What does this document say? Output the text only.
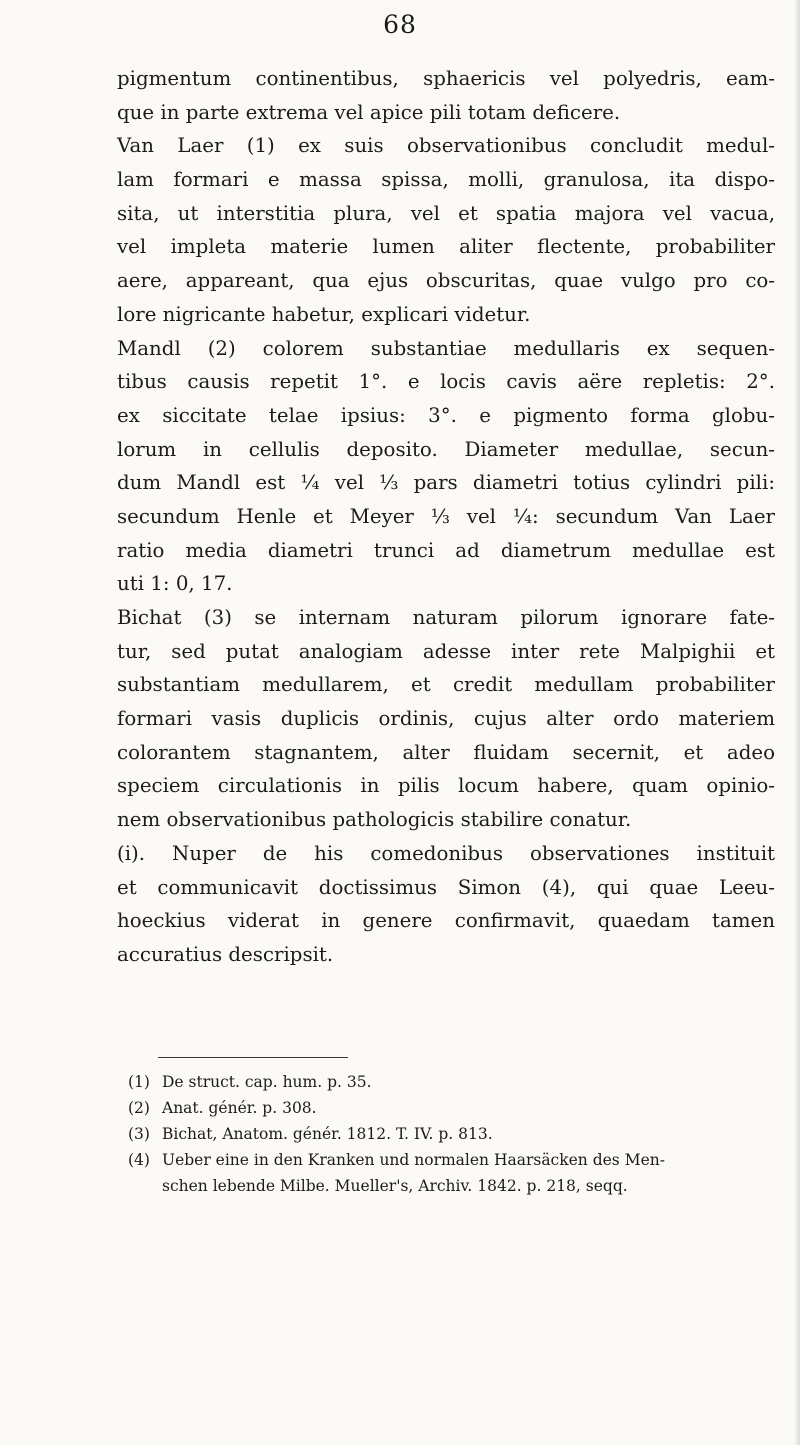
68
pigmentum continentibus, sphaericis vel polyedris, eam-
que in parte extrema vel apice pili totam deficere.
Van Laer (1) ex suis observationibus concludit medul-
lam formari e massa spissa, molli, granulosa, ita dispo-
sita, ut interstitia plura, vel et spatia majora vel vacua,
vel impleta materie lumen aliter flectente, probabiliter
aere, appareant, qua ejus obscuritas, quae vulgo pro co-
lore nigricante habetur, explicari videtur.
Mandl (2) colorem substantiae medullaris ex sequen-
tibus causis repetit 1°. e locis cavis aëre repletis: 2°.
ex siccitate telae ipsius: 3°. e pigmento forma globu-
lorum in cellulis deposito. Diameter medullae, secun-
dum Mandl est ¼ vel ⅓ pars diametri totius cylindri pili:
secundum Henle et Meyer ⅓ vel ¼: secundum Van Laer
ratio media diametri trunci ad diametrum medullae est
uti 1: 0, 17.
Bichat (3) se internam naturam pilorum ignorare fate-
tur, sed putat analogiam adesse inter rete Malpighii et
substantiam medullarem, et credit medullam probabiliter
formari vasis duplicis ordinis, cujus alter ordo materiem
colorantem stagnantem, alter fluidam secernit, et adeo
speciem circulationis in pilis locum habere, quam opinio-
nem observationibus pathologicis stabilire conatur.
(i). Nuper de his comedonibus observationes instituit
et communicavit doctissimus Simon (4), qui quae Leeu-
hoeckius viderat in genere confirmavit, quaedam tamen
accuratius descripsit.
(1) De struct. cap. hum. p. 35.
(2) Anat. génér. p. 308.
(3) Bichat, Anatom. génér. 1812. T. IV. p. 813.
(4) Ueber eine in den Kranken und normalen Haarsäcken des Men-
schen lebende Milbe. Mueller's, Archiv. 1842. p. 218, seqq.
